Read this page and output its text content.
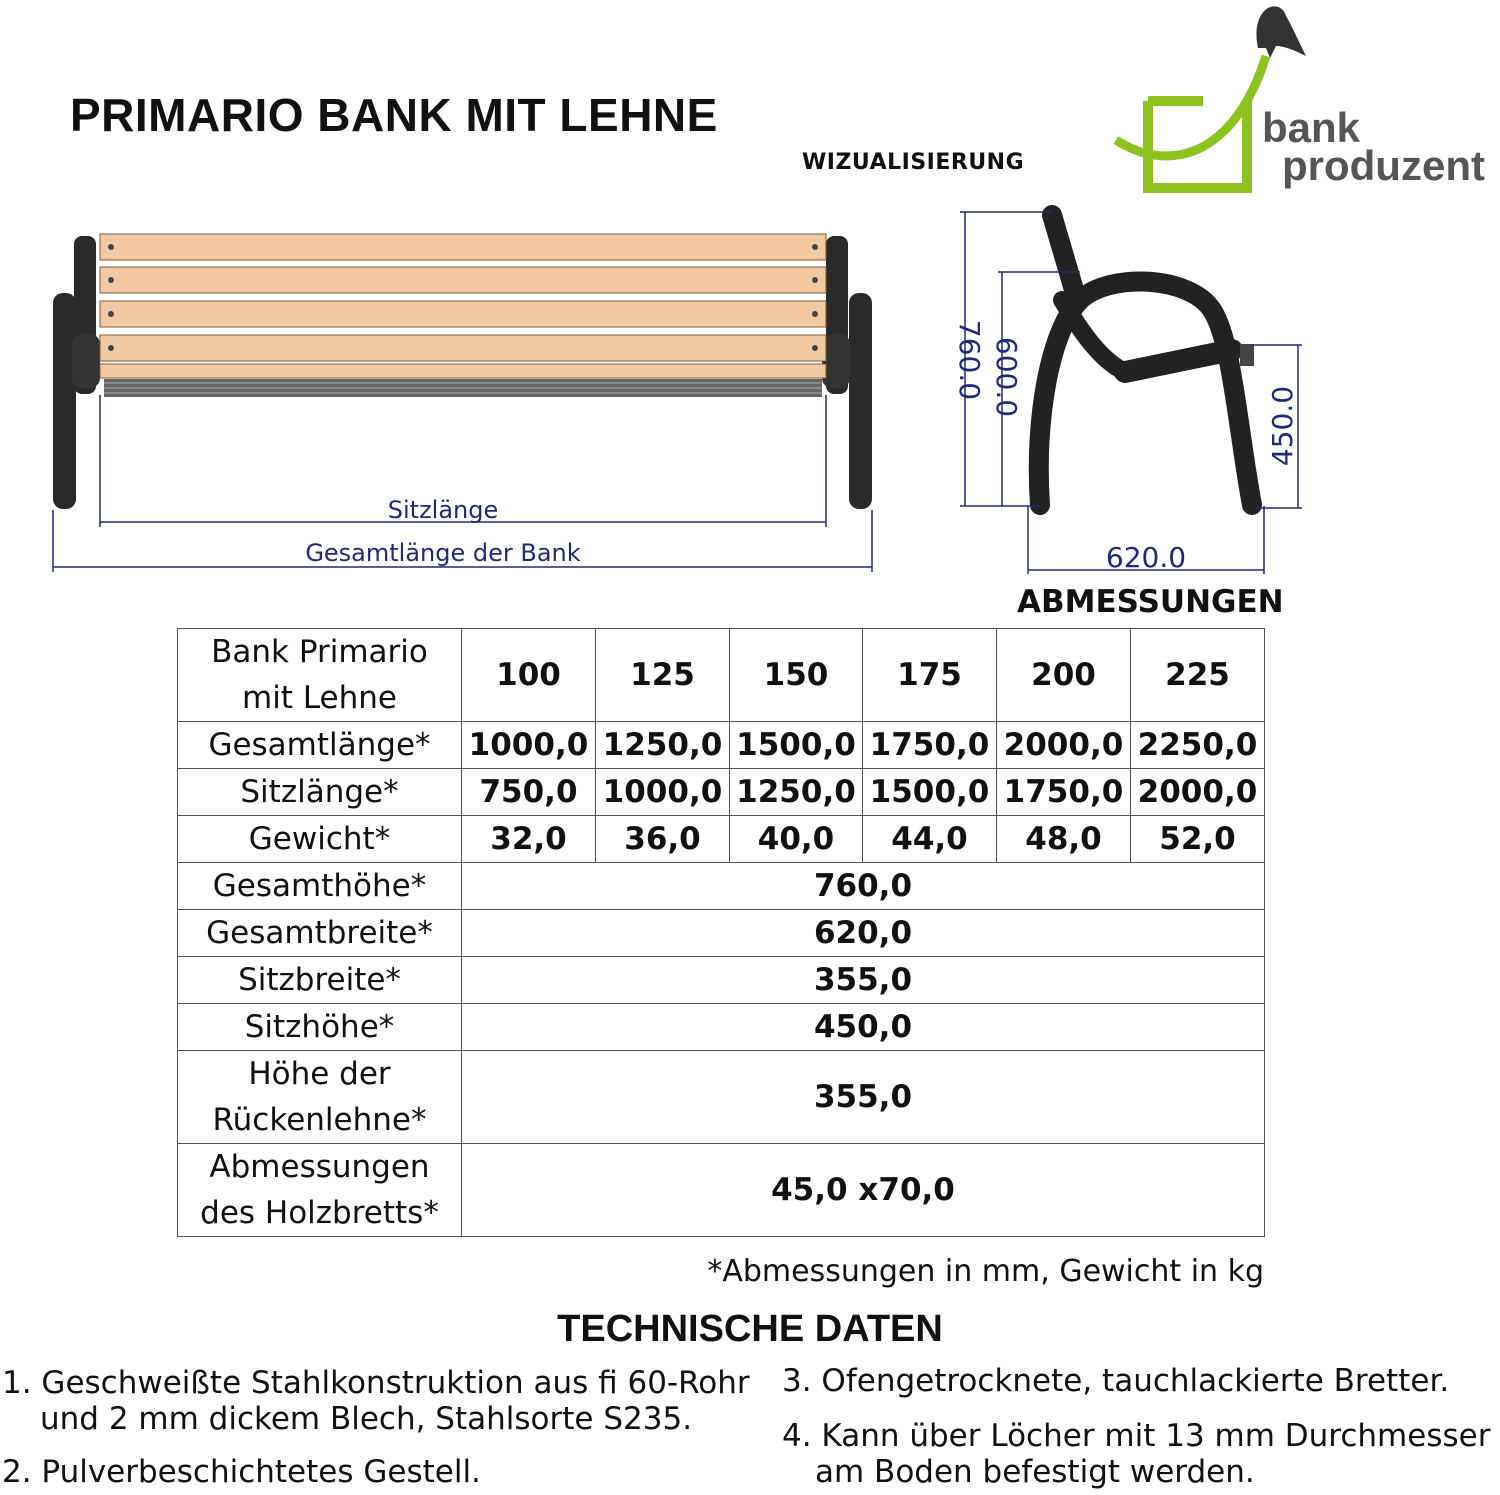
PRIMARIO BANK MIT LEHNE
WIZUALISIERUNG
bank
produzent
Sitzlänge
Gesamtlänge der Bank
760.0 600.0
450.0
620.0
ABMESSUNGEN
Bank Primario
mit Lehne	100	125	150	175	200	225
Gesamtlänge*	1000,0	1250,0	1500,0	1750,0	2000,0	2250,0
Sitzlänge*	750,0	1000,0	1250,0	1500,0	1750,0	2000,0
Gewicht*	32,0	36,0	40,0	44,0	48,0	52,0
Gesamthöhe*	760,0					
Gesamtbreite*	620,0					
Sitzbreite*	355,0					
Sitzhöhe*	450,0					

Höhe der
Rückenlehne*	355,0					

Abmessungen
des Holzbretts*	45,0 x70,0					
*Abmessungen in mm, Gewicht in kg
TECHNISCHE DATEN
1. Geschweißte Stahlkonstruktion aus fi 60-Rohr
und 2 mm dickem Blech, Stahlsorte S235.
2. Pulverbeschichtetes Gestell.
3. Ofengetrocknete, tauchlackierte Bretter.
4. Kann über Löcher mit 13 mm Durchmesser
am Boden befestigt werden.
